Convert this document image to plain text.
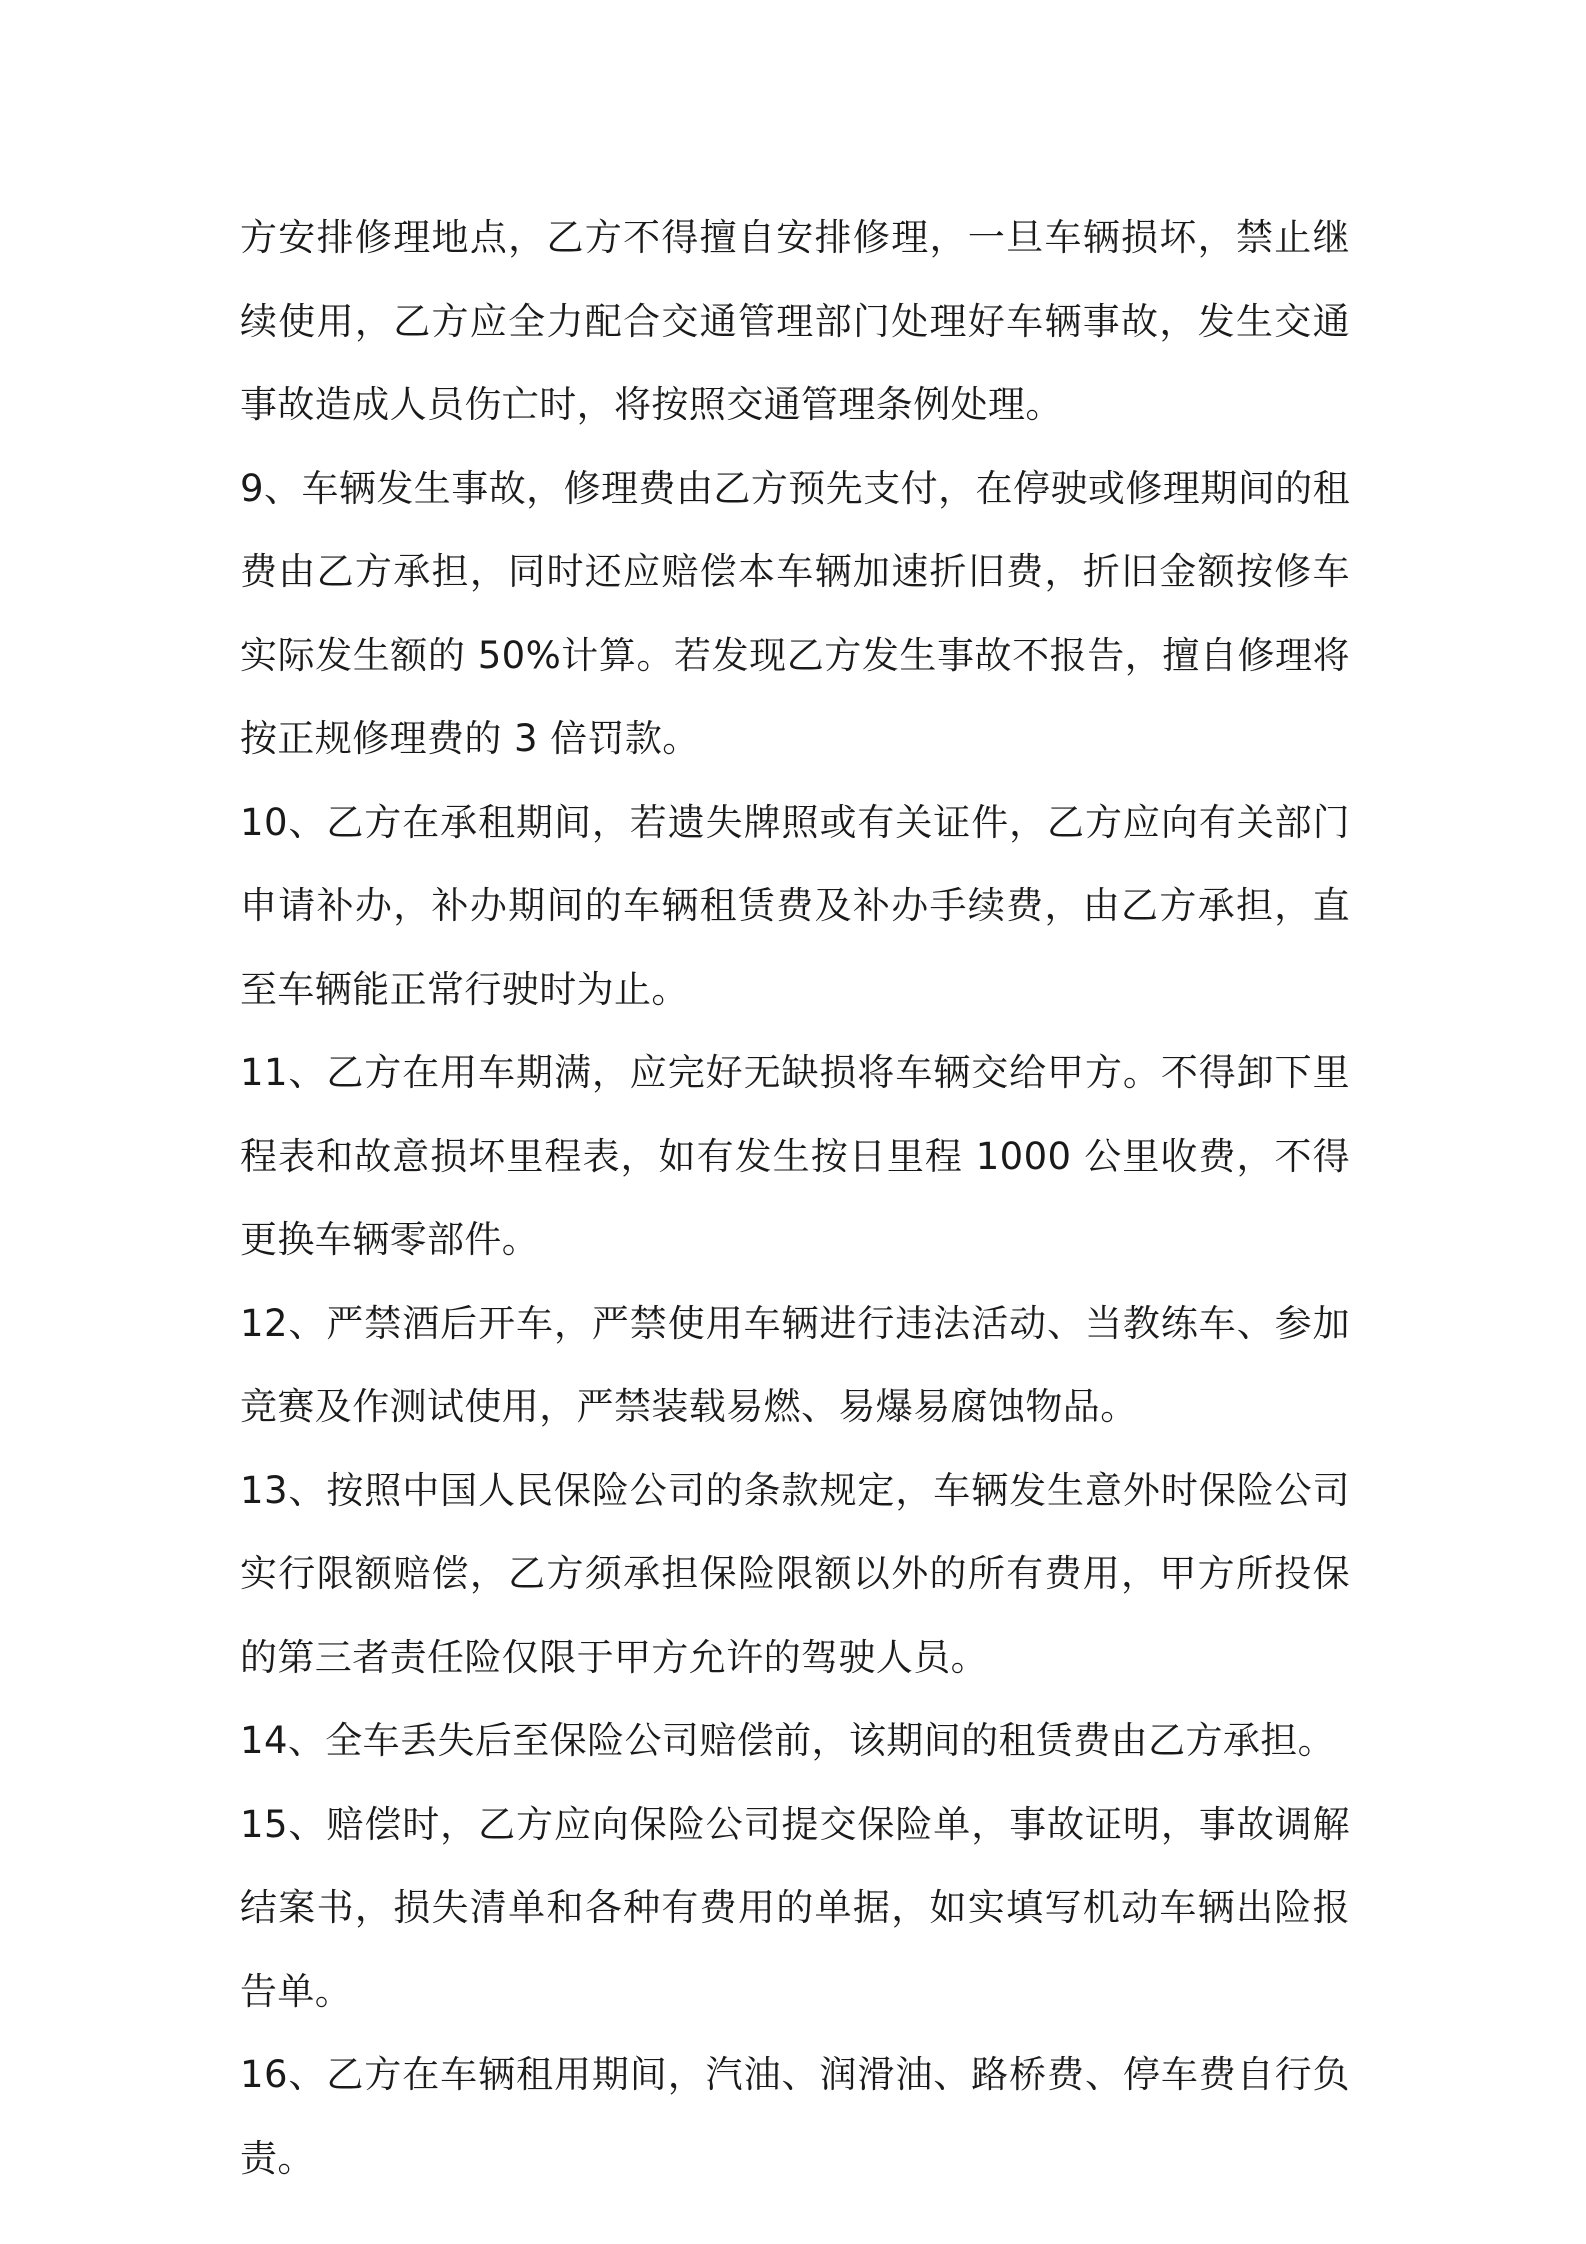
方安排修理地点，乙方不得擅自安排修理，一旦车辆损坏，禁止继续使用，乙方应全力配合交通管理部门处理好车辆事故，发生交通事故造成人员伤亡时，将按照交通管理条例处理。

9、车辆发生事故，修理费由乙方预先支付，在停驶或修理期间的租费由乙方承担，同时还应赔偿本车辆加速折旧费，折旧金额按修车实际发生额的 50%计算。若发现乙方发生事故不报告，擅自修理将按正规修理费的 3 倍罚款。

10、乙方在承租期间，若遗失牌照或有关证件，乙方应向有关部门申请补办，补办期间的车辆租赁费及补办手续费，由乙方承担，直至车辆能正常行驶时为止。

11、乙方在用车期满，应完好无缺损将车辆交给甲方。不得卸下里程表和故意损坏里程表，如有发生按日里程 1000 公里收费，不得更换车辆零部件。

12、严禁酒后开车，严禁使用车辆进行违法活动、当教练车、参加竞赛及作测试使用，严禁装载易燃、易爆易腐蚀物品。

13、按照中国人民保险公司的条款规定，车辆发生意外时保险公司实行限额赔偿，乙方须承担保险限额以外的所有费用，甲方所投保的第三者责任险仅限于甲方允许的驾驶人员。

14、全车丢失后至保险公司赔偿前，该期间的租赁费由乙方承担。

15、赔偿时，乙方应向保险公司提交保险单，事故证明，事故调解结案书，损失清单和各种有费用的单据，如实填写机动车辆出险报告单。

16、乙方在车辆租用期间，汽油、润滑油、路桥费、停车费自行负责。
